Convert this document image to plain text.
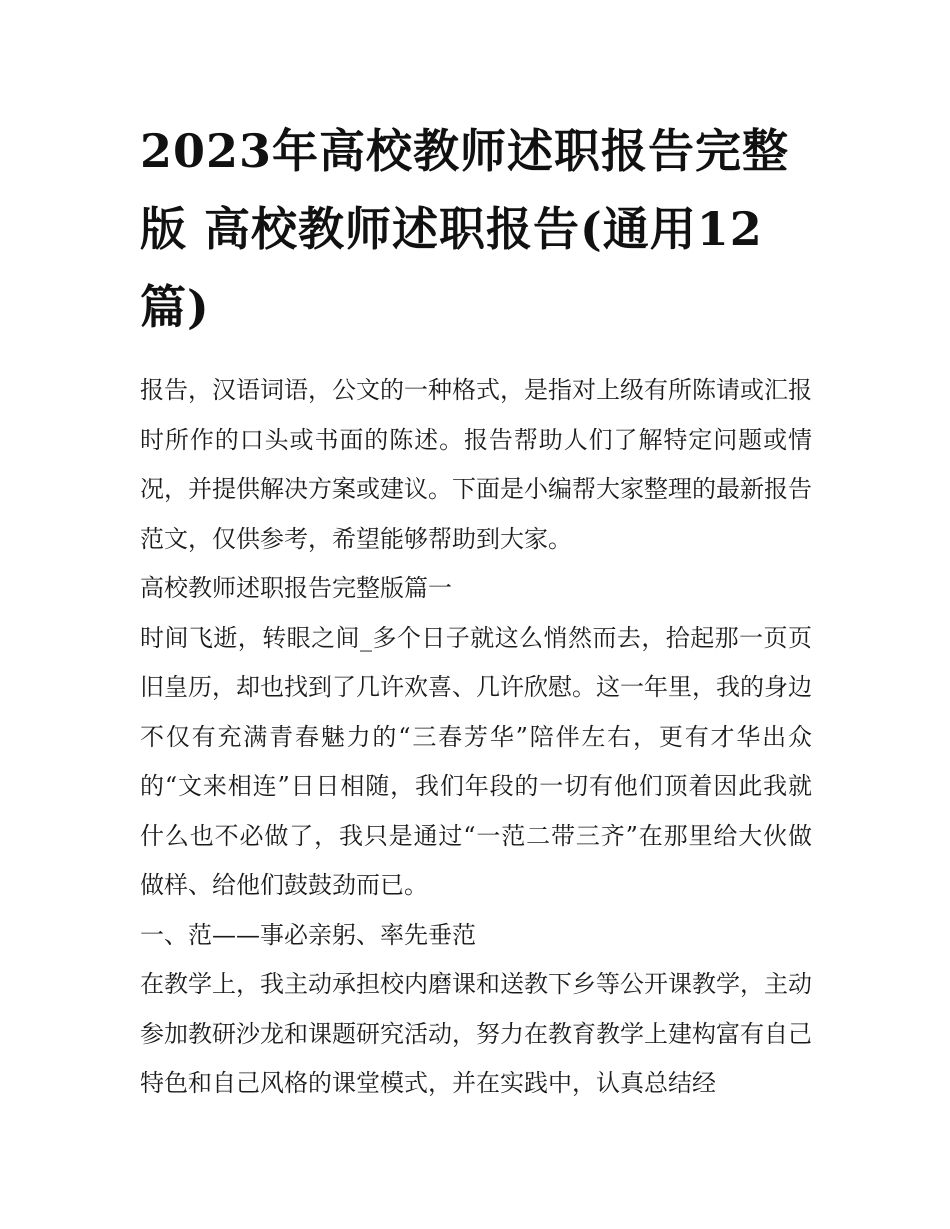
2023年高校教师述职报告完整版 高校教师述职报告(通用12篇)

报告，汉语词语，公文的一种格式，是指对上级有所陈请或汇报时所作的口头或书面的陈述。报告帮助人们了解特定问题或情况，并提供解决方案或建议。下面是小编帮大家整理的最新报告范文，仅供参考，希望能够帮助到大家。

高校教师述职报告完整版篇一

时间飞逝，转眼之间_多个日子就这么悄然而去，拾起那一页页旧皇历，却也找到了几许欢喜、几许欣慰。这一年里，我的身边不仅有充满青春魅力的“三春芳华”陪伴左右，更有才华出众的“文来相连”日日相随，我们年段的一切有他们顶着因此我就什么也不必做了，我只是通过“一范二带三齐”在那里给大伙做做样、给他们鼓鼓劲而已。

一、范——事必亲躬、率先垂范

在教学上，我主动承担校内磨课和送教下乡等公开课教学，主动参加教研沙龙和课题研究活动，努力在教育教学上建构富有自己特色和自己风格的课堂模式，并在实践中，认真总结经
